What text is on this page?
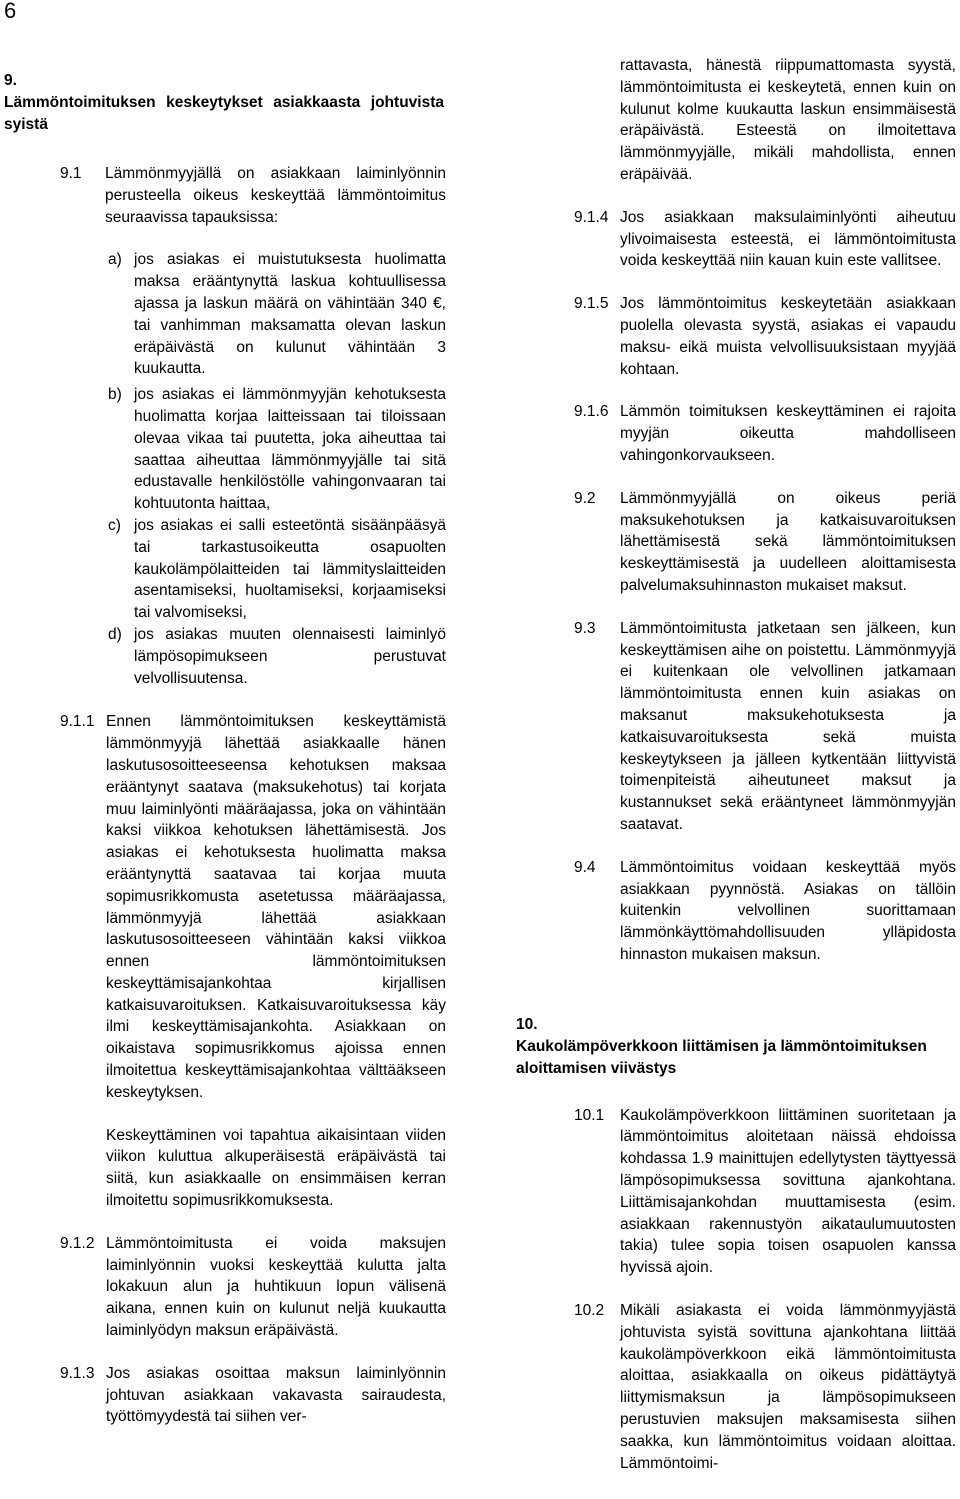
6
9.
Lämmöntoimituksen keskeytykset asiakkaasta johtuvista syistä
9.1	Lämmönmyyjällä on asiakkaan laiminlyönnin perusteella oikeus keskeyttää lämmöntoimitus seuraavissa tapauksissa:

a) jos asiakas ei muistutuksesta huolimatta maksa erääntynyttä laskua kohtuullisessa ajassa ja laskun määrä on vähintään 340 €, tai vanhimman maksamatta olevan laskun eräpäivästä on kulunut vähintään 3 kuukautta.

b) jos asiakas ei lämmönmyyjän kehotuksesta huolimatta korjaa laitteissaan tai tiloissaan olevaa vikaa tai puutetta, joka aiheuttaa tai saattaa aiheuttaa lämmönmyyjälle tai sitä edustavalle henkilöstölle vahingonvaaran tai kohtuutonta haittaa,

c) jos asiakas ei salli esteetöntä sisäänpääsyä tai tarkastusoikeutta osapuolten kaukolämpölaitteiden tai lämmityslaitteiden asentamiseksi, huoltamiseksi, korjaamiseksi tai valvomiseksi,

d) jos asiakas muuten olennaisesti laiminlyö lämpösopimukseen perustuvat velvollisuutensa.

9.1.1 Ennen lämmöntoimituksen keskeyttämistä lämmönmyyjä lähettää asiakkaalle hänen laskutusosoitteeseensa kehotuksen maksaa erääntynyt saatava (maksukehotus) tai korjata muu laiminlyönti määräajassa, joka on vähintään kaksi viikkoa kehotuksen lähettämisestä. Jos asiakas ei kehotuksesta huolimatta maksa erääntynyttä saatavaa tai korjaa muuta sopimusrikkomusta asetetussa määräajassa, lämmönmyyjä lähettää asiakkaan laskutusosoitteeseen vähintään kaksi viikkoa ennen lämmöntoimituksen keskeyttämisajankohtaa kirjallisen katkaisuvaroituksen. Katkaisuvaroituksessa käy ilmi keskeyttämisajankohta. Asiakkaan on oikaistava sopimusrikkomus ajoissa ennen ilmoitettua keskeyttämisajankohtaa välttääkseen keskeytyksen.

Keskeyttäminen voi tapahtua aikaisintaan viiden viikon kuluttua alkuperäisestä eräpäivästä tai siitä, kun asiakkaalle on ensimmäisen kerran ilmoitettu sopimusrikkomuksesta.

9.1.2 Lämmöntoimitusta ei voida maksujen laiminlyönnin vuoksi keskeyttää kulutta jalta lokakuun alun ja huhtikuun lopun välisenä aikana, ennen kuin on kulunut neljä kuukautta laiminlyödyn maksun eräpäivästä.

9.1.3 Jos asiakas osoittaa maksun laiminlyönnin johtuvan asiakkaan vakavasta sairaudesta, työttömyydestä tai siihen ver-

rattavasta, hänestä riippumattomasta syystä, lämmöntoimitusta ei keskeytetä, ennen kuin on kulunut kolme kuukautta laskun ensimmäisestä eräpäivästä. Esteestä on ilmoitettava lämmönmyyjälle, mikäli mahdollista, ennen eräpäivää.

9.1.4 Jos asiakkaan maksulaiminlyönti aiheutuu ylivoimaisesta esteestä, ei lämmöntoimitusta voida keskeyttää niin kauan kuin este vallitsee.

9.1.5 Jos lämmöntoimitus keskeytetään asiakkaan puolella olevasta syystä, asiakas ei vapaudu maksu- eikä muista velvollisuuksistaan myyjää kohtaan.

9.1.6 Lämmön toimituksen keskeyttäminen ei rajoita myyjän oikeutta mahdolliseen vahingonkorvaukseen.

9.2	Lämmönmyyjällä on oikeus periä maksukehotuksen ja katkaisuvaroituksen lähettämisestä sekä lämmöntoimituksen keskeyttämisestä ja uudelleen aloittamisesta palvelumaksuhinnaston mukaiset maksut.

9.3	Lämmöntoimitusta jatketaan sen jälkeen, kun keskeyttämisen aihe on poistettu. Lämmönmyyjä ei kuitenkaan ole velvollinen jatkamaan lämmöntoimitusta ennen kuin asiakas on maksanut maksukehotuksesta ja katkaisuvaroituksesta sekä muista keskeytykseen ja jälleen kytkentään liittyvistä toimenpiteistä aiheutuneet maksut ja kustannukset sekä erääntyneet lämmönmyyjän saatavat.

9.4	Lämmöntoimitus voidaan keskeyttää myös asiakkaan pyynnöstä. Asiakas on tällöin kuitenkin velvollinen suorittamaan lämmönkäyttömahdollisuuden ylläpidosta hinnaston mukaisen maksun.

10.
Kaukolämpöverkkoon liittämisen ja lämmöntoimituksen aloittamisen viivästys
10.1	Kaukolämpöverkkoon liittäminen suoritetaan ja lämmöntoimitus aloitetaan näissä ehdoissa kohdassa 1.9 mainittujen edellytysten täyttyessä lämpösopimuksessa sovittuna ajankohtana. Liittämisajankohdan muuttamisesta (esim. asiakkaan rakennustyön aikataulumuutosten takia) tulee sopia toisen osapuolen kanssa hyvissä ajoin.

10.2	Mikäli asiakasta ei voida lämmönmyyjästä johtuvista syistä sovittuna ajankohtana liittää kaukolämpöverkkoon eikä lämmöntoimitusta aloittaa, asiakkaalla on oikeus pidättäytyä liittymismaksun ja lämpösopimukseen perustuvien maksujen maksamisesta siihen saakka, kun lämmöntoimitus voidaan aloittaa. Lämmöntoimi-
